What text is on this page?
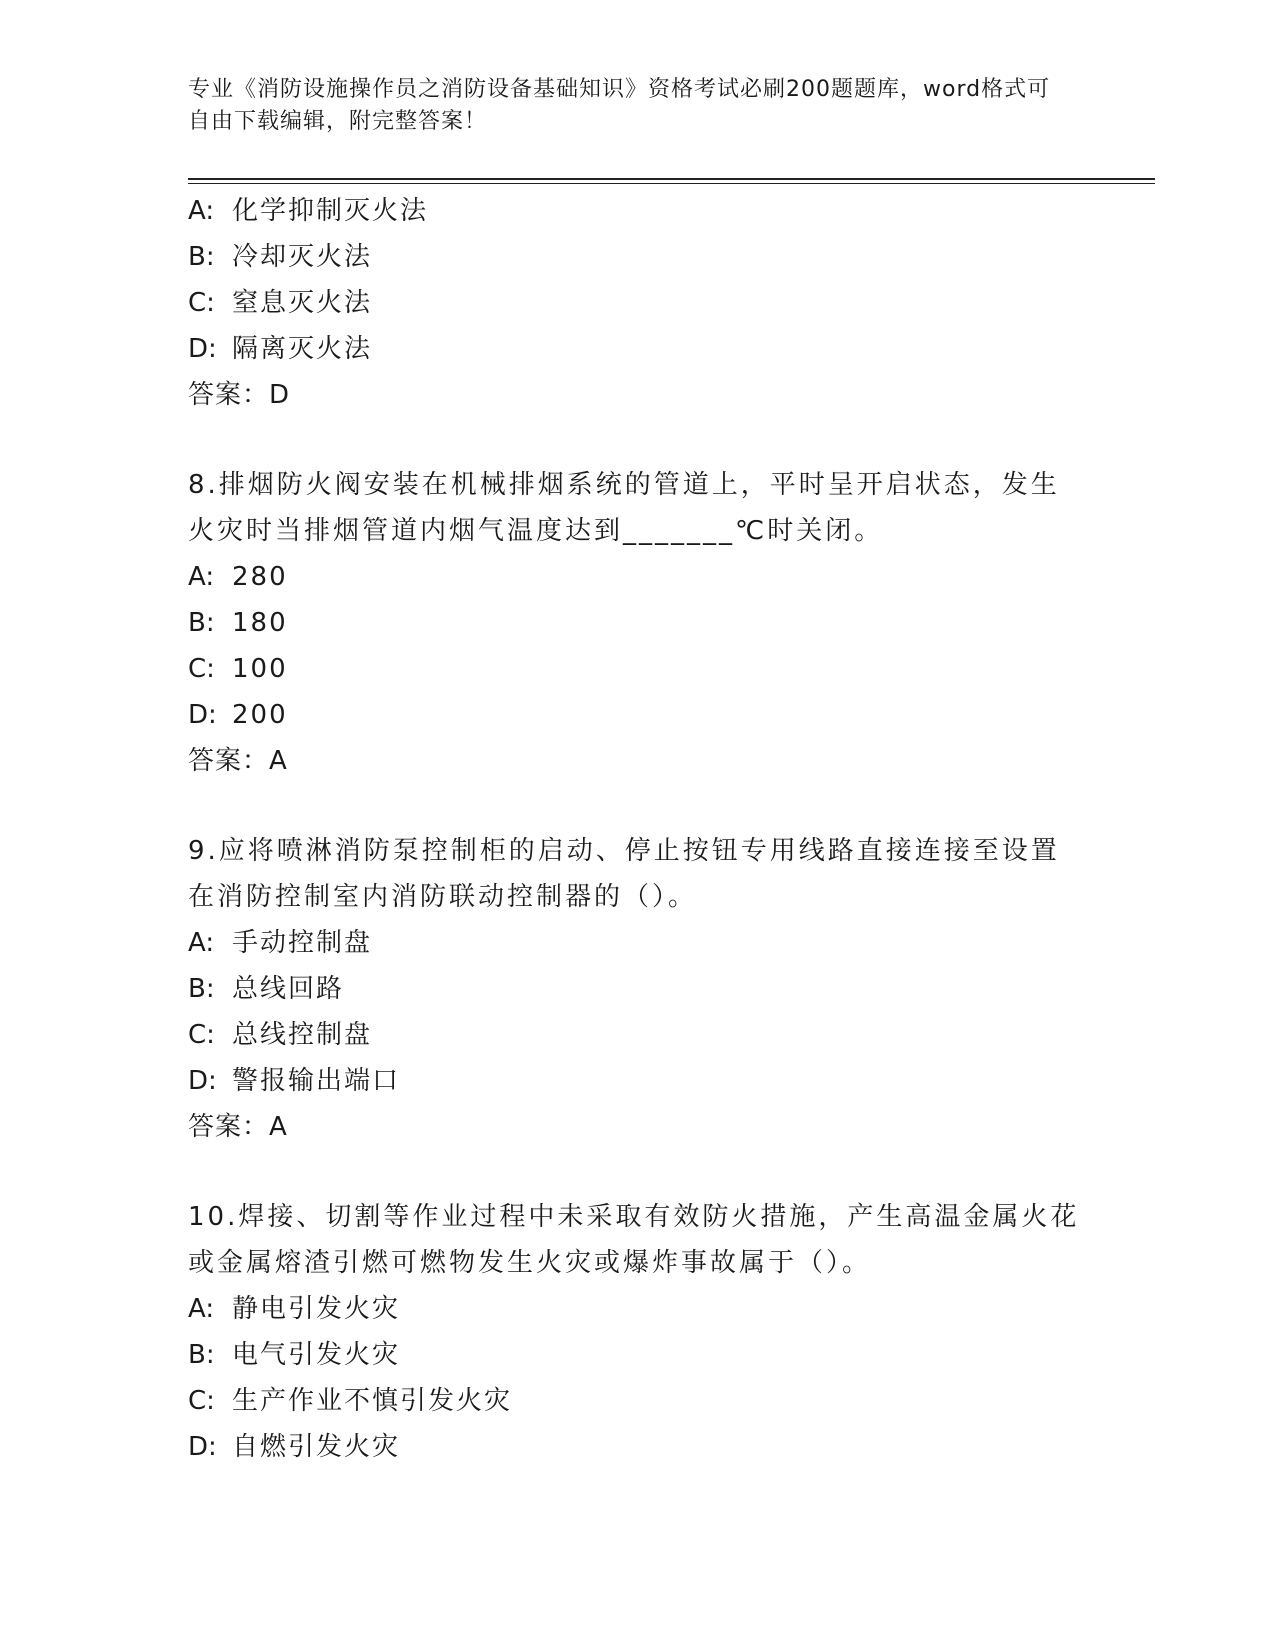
专业《消防设施操作员之消防设备基础知识》资格考试必刷200题题库，word格式可自由下载编辑，附完整答案！
A: 化学抑制灭火法
B: 冷却灭火法
C: 窒息灭火法
D: 隔离灭火法
答案：D
8.排烟防火阀安装在机械排烟系统的管道上，平时呈开启状态，发生
火灾时当排烟管道内烟气温度达到_______℃时关闭。
A: 280
B: 180
C: 100
D: 200
答案：A
9.应将喷淋消防泵控制柜的启动、停止按钮专用线路直接连接至设置
在消防控制室内消防联动控制器的（）。
A: 手动控制盘
B: 总线回路
C: 总线控制盘
D: 警报输出端口
答案：A
10.焊接、切割等作业过程中未采取有效防火措施，产生高温金属火花
或金属熔渣引燃可燃物发生火灾或爆炸事故属于（）。
A: 静电引发火灾
B: 电气引发火灾
C: 生产作业不慎引发火灾
D: 自燃引发火灾
